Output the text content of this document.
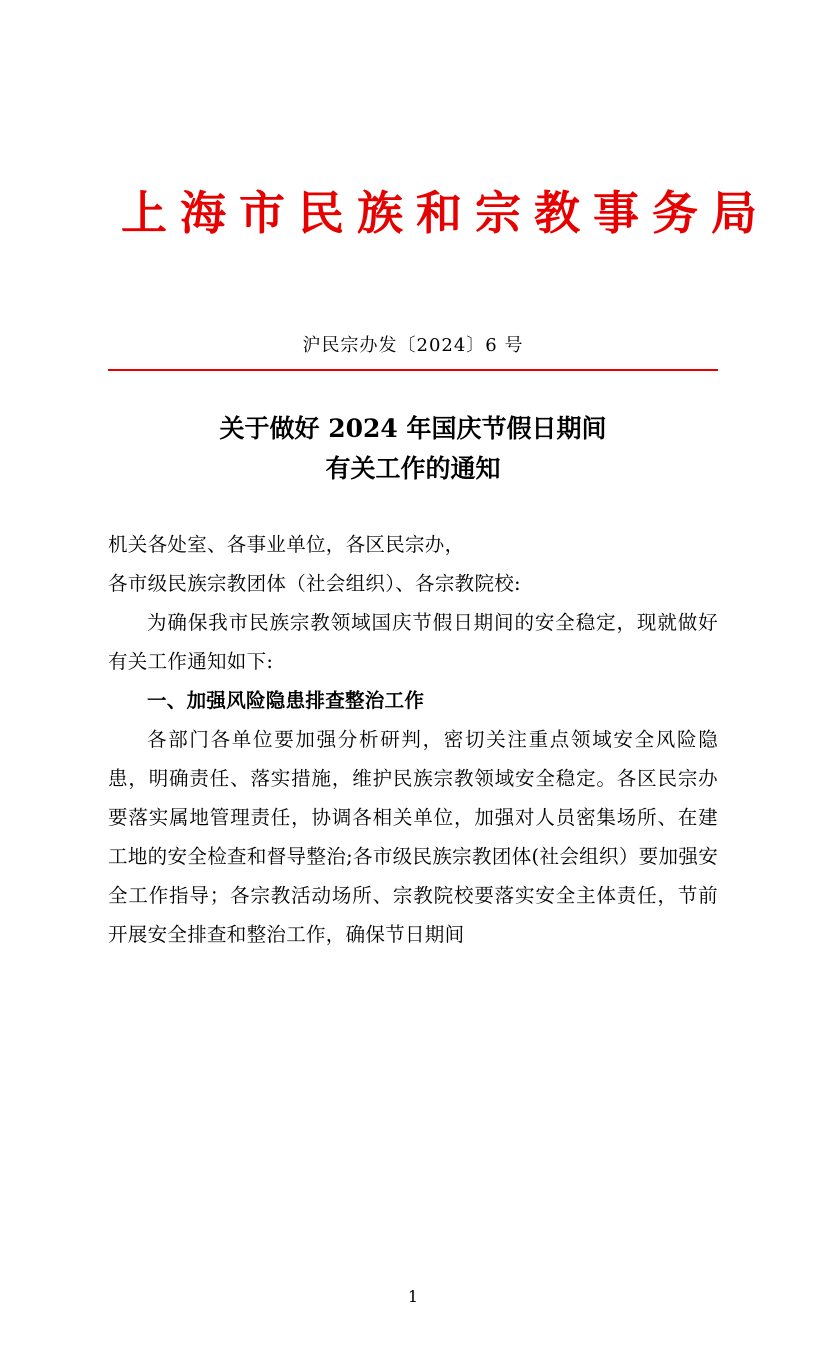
上海市民族和宗教事务局
沪民宗办发〔2024〕6 号
关于做好 2024 年国庆节假日期间
有关工作的通知

机关各处室、各事业单位，各区民宗办，

各市级民族宗教团体（社会组织）、各宗教院校:

为确保我市民族宗教领域国庆节假日期间的安全稳定，现就做好有关工作通知如下:

一、加强风险隐患排查整治工作

各部门各单位要加强分析研判，密切关注重点领域安全风险隐患，明确责任、落实措施，维护民族宗教领域安全稳定。各区民宗办要落实属地管理责任，协调各相关单位，加强对人员密集场所、在建工地的安全检查和督导整治;各市级民族宗教团体(社会组织）要加强安全工作指导；各宗教活动场所、宗教院校要落实安全主体责任，节前开展安全排查和整治工作，确保节日期间

1
